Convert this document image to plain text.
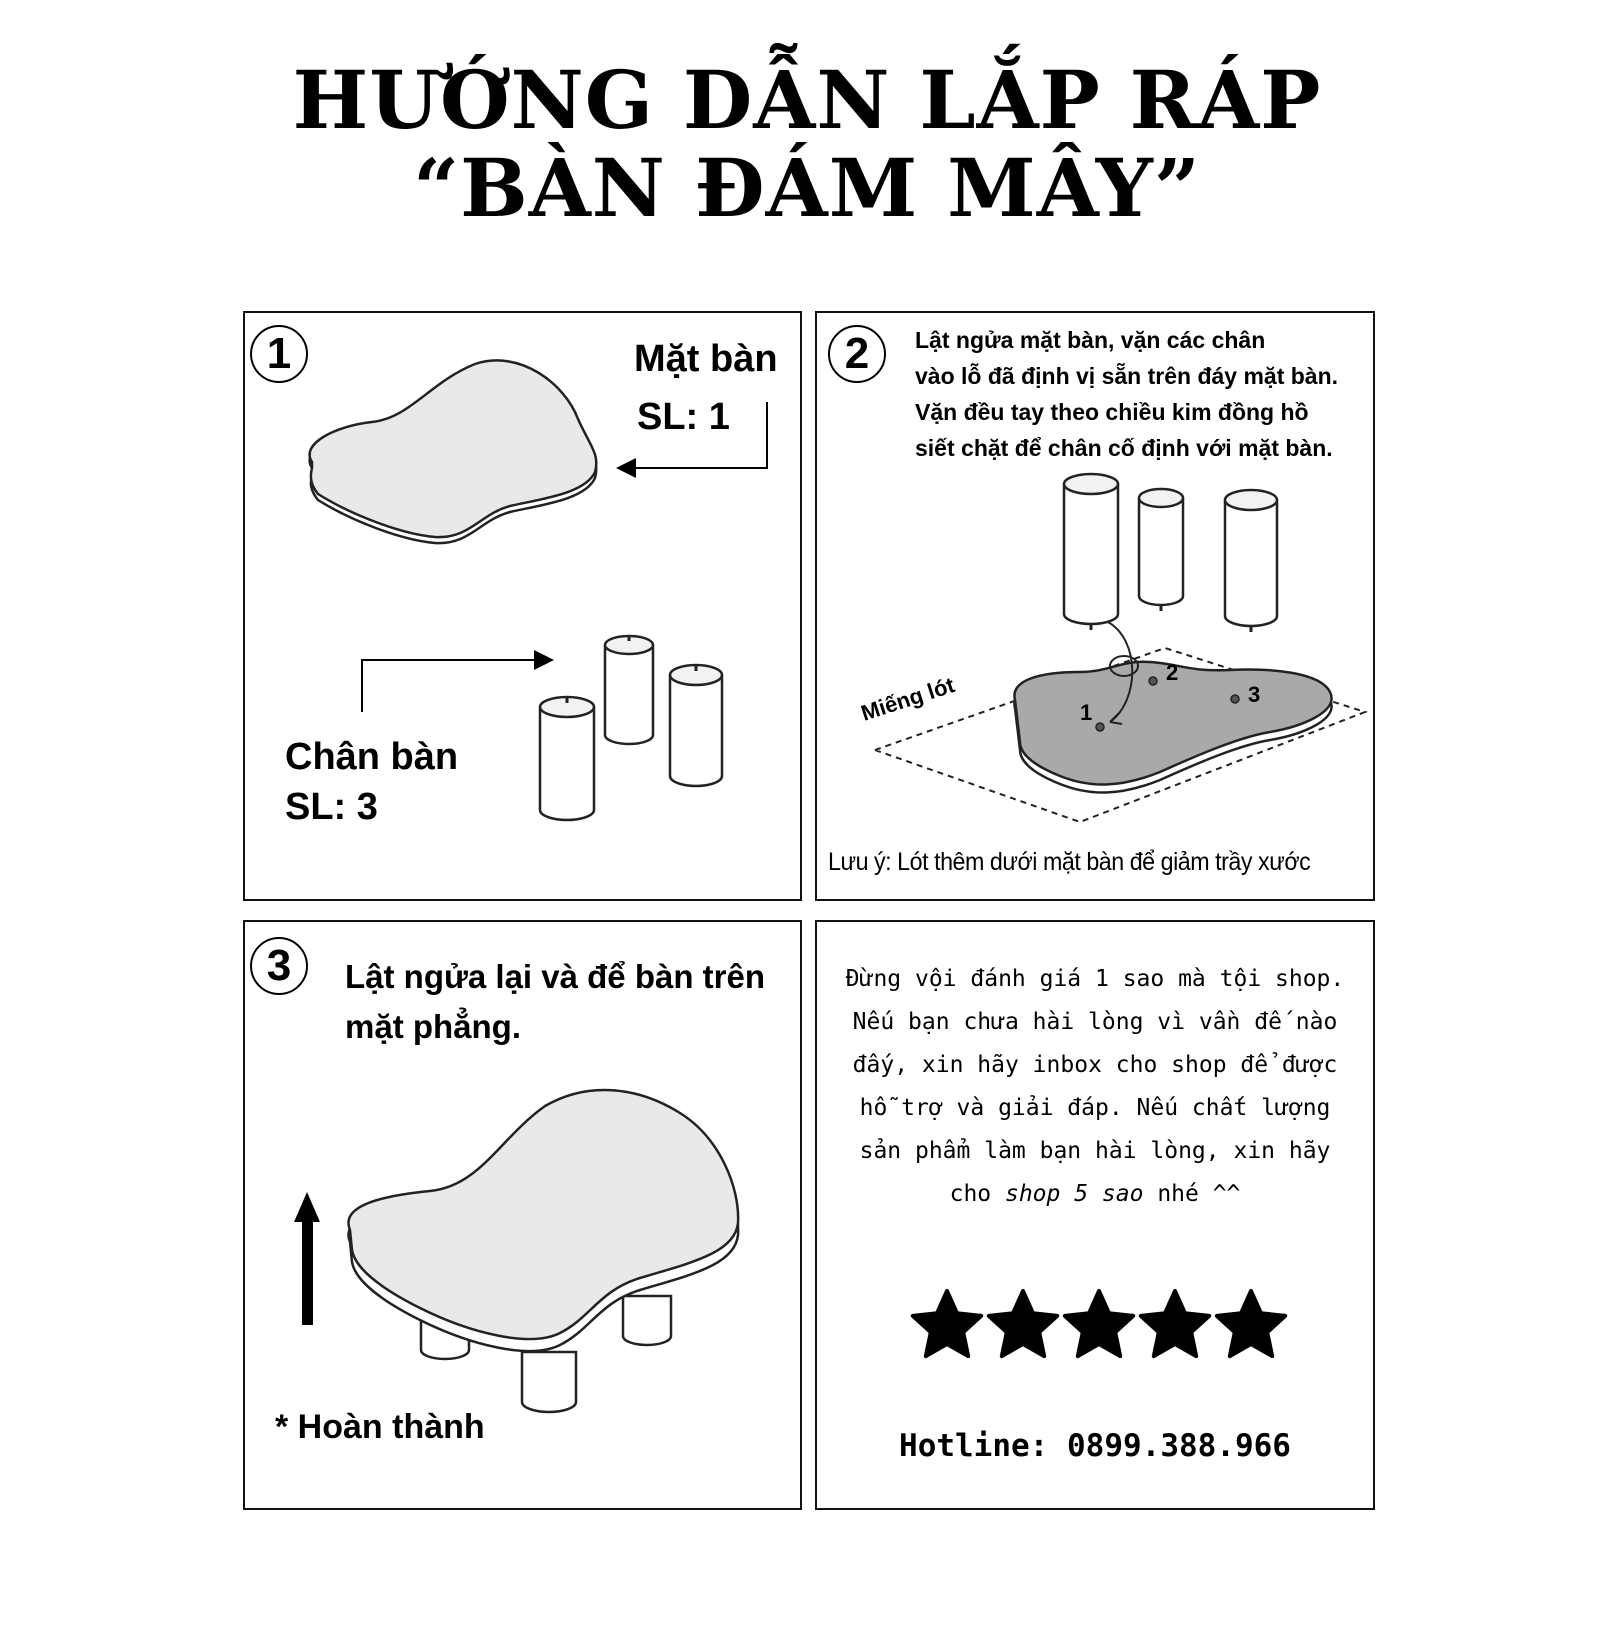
HƯỚNG DẪN LẮP RÁP
“BÀN ĐÁM MÂY”
1	Mặt bàn
SL: 1
Chân bàn
SL: 3
2	Lật ngửa mặt bàn, vặn các chân
vào lỗ đã định vị sẵn trên đáy mặt bàn.
Vặn đều tay theo chiều kim đồng hồ
siết chặt để chân cố định với mặt bàn.
Lưu ý: Lót thêm dưới mặt bàn để giảm trầy xước
Miếng lót	1
2
3
3	Lật ngửa lại và để bàn trên
mặt phẳng.
* Hoàn thành
Đừng vội đánh giá 1 sao mà tội shop.
Nếu bạn chưa hài lòng vì vần đế nào
đấy, xin hãy inbox cho shop để được
hỗ trợ và giải đáp. Nếu chất lượng
sản phẩm làm bạn hài lòng, xin hãy
cho shop 5 sao nhé ^^
Hotline: 0899.388.966
